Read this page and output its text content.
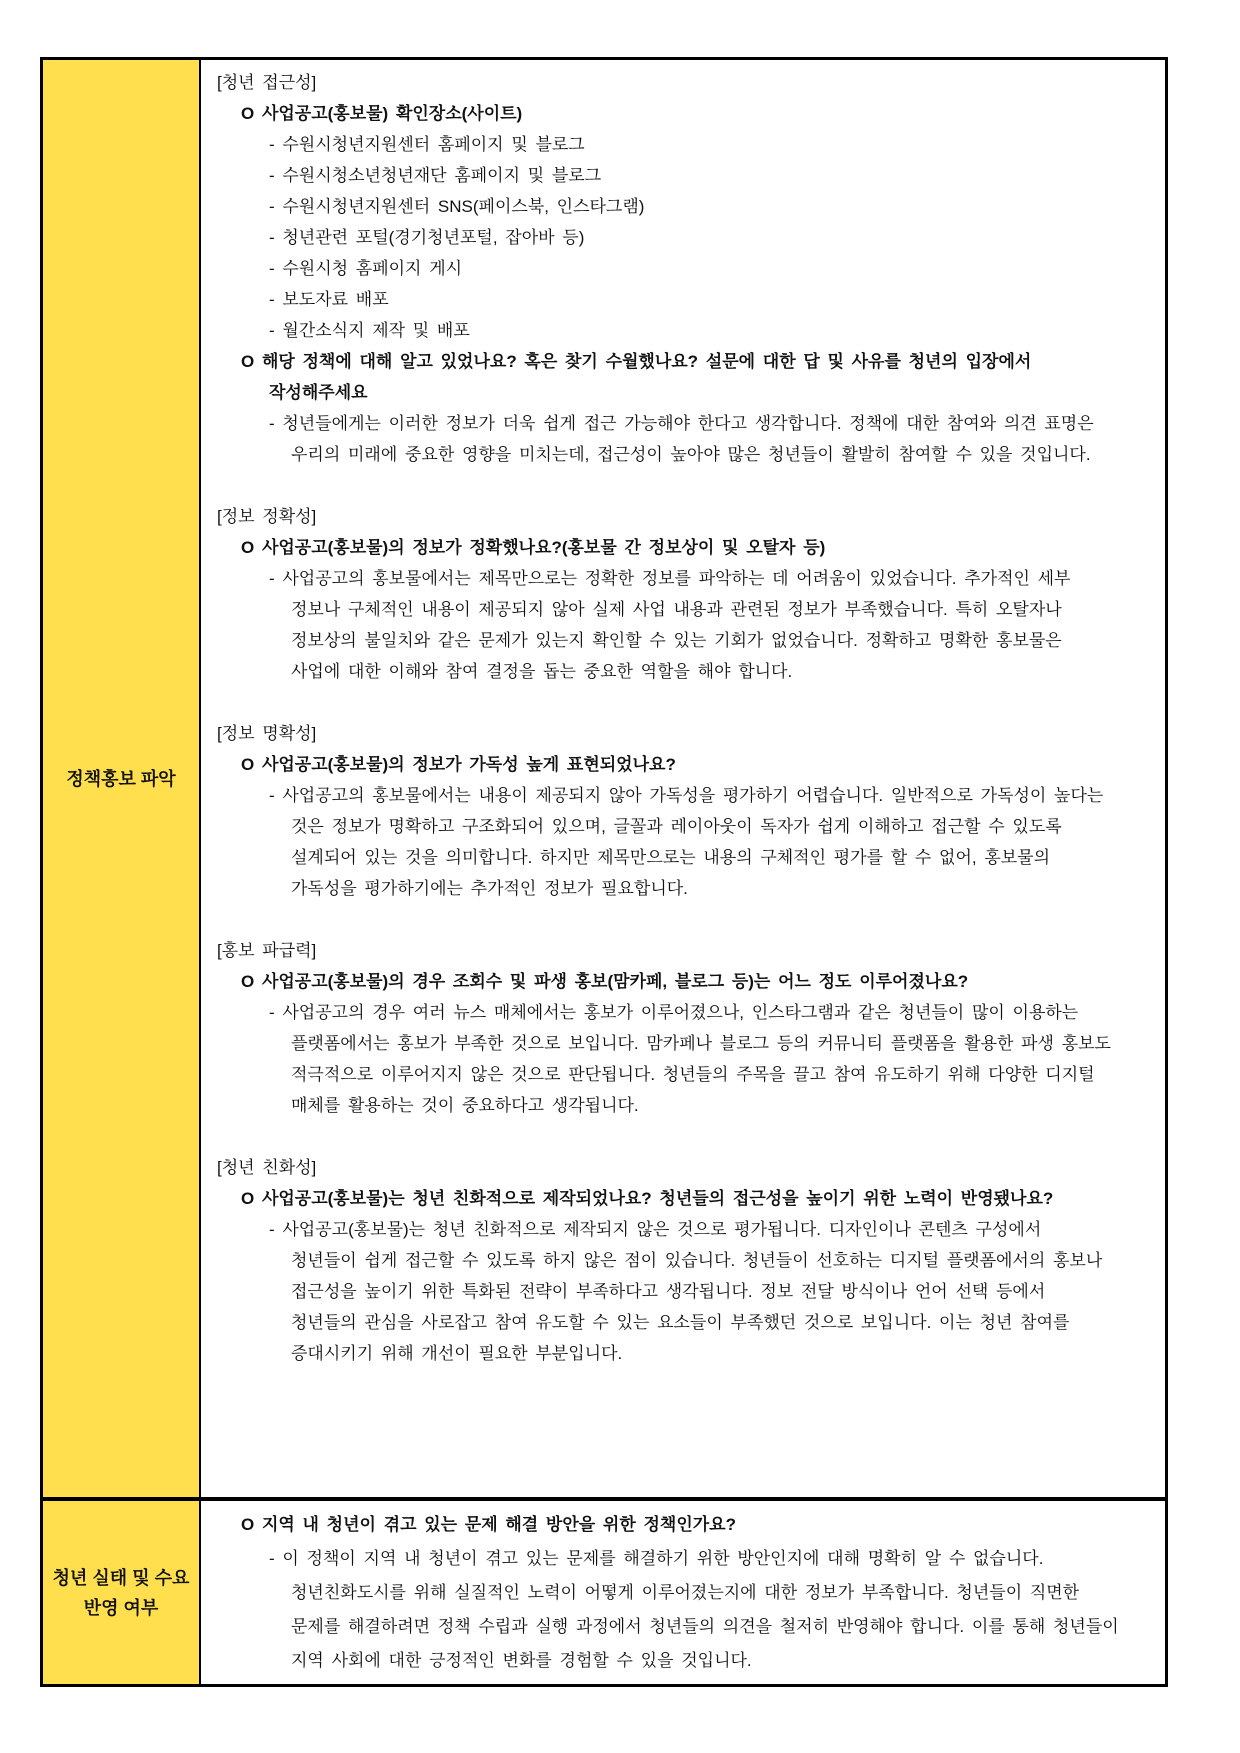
정책홍보 파악
[청년 접근성]
O 사업공고(홍보물) 확인장소(사이트)
- 수원시청년지원센터 홈페이지 및 블로그
- 수원시청소년청년재단 홈페이지 및 블로그
- 수원시청년지원센터 SNS(페이스북, 인스타그램)
- 청년관련 포털(경기청년포털, 잡아바 등)
- 수원시청 홈페이지 게시
- 보도자료 배포
- 월간소식지 제작 및 배포
O 해당 정책에 대해 알고 있었나요? 혹은 찾기 수월했나요? 설문에 대한 답 및 사유를 청년의 입장에서
작성해주세요
- 청년들에게는 이러한 정보가 더욱 쉽게 접근 가능해야 한다고 생각합니다. 정책에 대한 참여와 의견 표명은
우리의 미래에 중요한 영향을 미치는데, 접근성이 높아야 많은 청년들이 활발히 참여할 수 있을 것입니다.

[정보 정확성]
O 사업공고(홍보물)의 정보가 정확했나요?(홍보물 간 정보상이 및 오탈자 등)
- 사업공고의 홍보물에서는 제목만으로는 정확한 정보를 파악하는 데 어려움이 있었습니다. 추가적인 세부
정보나 구체적인 내용이 제공되지 않아 실제 사업 내용과 관련된 정보가 부족했습니다. 특히 오탈자나
정보상의 불일치와 같은 문제가 있는지 확인할 수 있는 기회가 없었습니다. 정확하고 명확한 홍보물은
사업에 대한 이해와 참여 결정을 돕는 중요한 역할을 해야 합니다.

[정보 명확성]
O 사업공고(홍보물)의 정보가 가독성 높게 표현되었나요?
- 사업공고의 홍보물에서는 내용이 제공되지 않아 가독성을 평가하기 어렵습니다. 일반적으로 가독성이 높다는
것은 정보가 명확하고 구조화되어 있으며, 글꼴과 레이아웃이 독자가 쉽게 이해하고 접근할 수 있도록
설계되어 있는 것을 의미합니다. 하지만 제목만으로는 내용의 구체적인 평가를 할 수 없어, 홍보물의
가독성을 평가하기에는 추가적인 정보가 필요합니다.

[홍보 파급력]
O 사업공고(홍보물)의 경우 조회수 및 파생 홍보(맘카페, 블로그 등)는 어느 정도 이루어졌나요?
- 사업공고의 경우 여러 뉴스 매체에서는 홍보가 이루어졌으나, 인스타그램과 같은 청년들이 많이 이용하는
플랫폼에서는 홍보가 부족한 것으로 보입니다. 맘카페나 블로그 등의 커뮤니티 플랫폼을 활용한 파생 홍보도
적극적으로 이루어지지 않은 것으로 판단됩니다. 청년들의 주목을 끌고 참여 유도하기 위해 다양한 디지털
매체를 활용하는 것이 중요하다고 생각됩니다.

[청년 친화성]
O 사업공고(홍보물)는 청년 친화적으로 제작되었나요? 청년들의 접근성을 높이기 위한 노력이 반영됐나요?
- 사업공고(홍보물)는 청년 친화적으로 제작되지 않은 것으로 평가됩니다. 디자인이나 콘텐츠 구성에서
청년들이 쉽게 접근할 수 있도록 하지 않은 점이 있습니다. 청년들이 선호하는 디지털 플랫폼에서의 홍보나
접근성을 높이기 위한 특화된 전략이 부족하다고 생각됩니다. 정보 전달 방식이나 언어 선택 등에서
청년들의 관심을 사로잡고 참여 유도할 수 있는 요소들이 부족했던 것으로 보입니다. 이는 청년 참여를
증대시키기 위해 개선이 필요한 부분입니다.
청년 실태 및 수요
반영 여부
O 지역 내 청년이 겪고 있는 문제 해결 방안을 위한 정책인가요?
- 이 정책이 지역 내 청년이 겪고 있는 문제를 해결하기 위한 방안인지에 대해 명확히 알 수 없습니다.
청년친화도시를 위해 실질적인 노력이 어떻게 이루어졌는지에 대한 정보가 부족합니다. 청년들이 직면한
문제를 해결하려면 정책 수립과 실행 과정에서 청년들의 의견을 철저히 반영해야 합니다. 이를 통해 청년들이
지역 사회에 대한 긍정적인 변화를 경험할 수 있을 것입니다.
